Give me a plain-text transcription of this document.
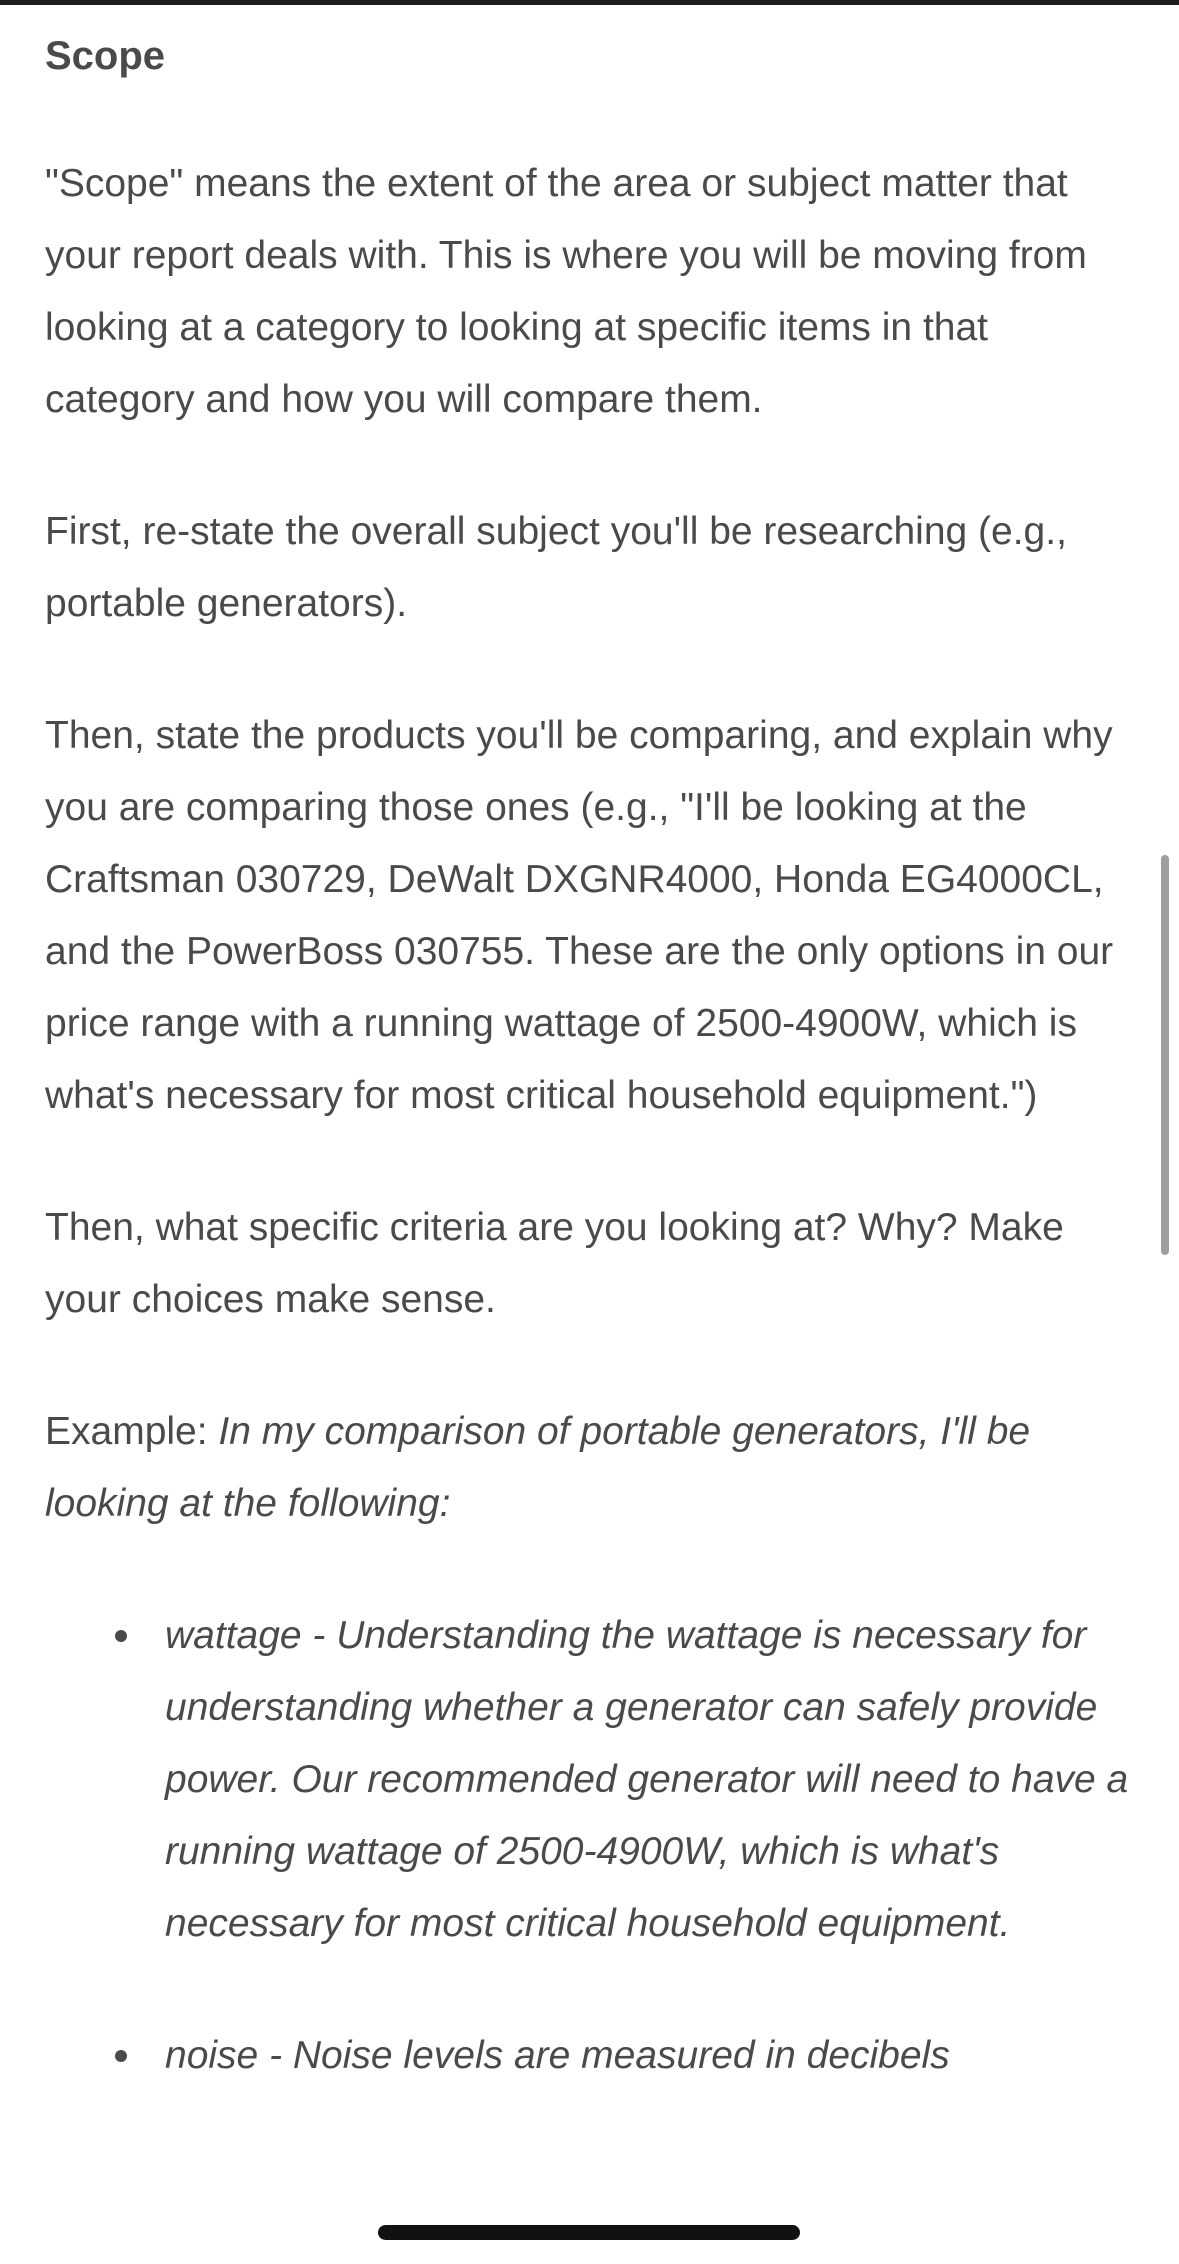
Scope

"Scope" means the extent of the area or subject matter that your report deals with. This is where you will be moving from looking at a category to looking at specific items in that category and how you will compare them.

First, re-state the overall subject you'll be researching (e.g., portable generators).

Then, state the products you'll be comparing, and explain why you are comparing those ones (e.g., "I'll be looking at the Craftsman 030729, DeWalt DXGNR4000, Honda EG4000CL, and the PowerBoss 030755. These are the only options in our price range with a running wattage of 2500-4900W, which is what's necessary for most critical household equipment.")

Then, what specific criteria are you looking at? Why? Make your choices make sense.

Example: In my comparison of portable generators, I'll be looking at the following:

wattage - Understanding the wattage is necessary for understanding whether a generator can safely provide power. Our recommended generator will need to have a running wattage of 2500-4900W, which is what's necessary for most critical household equipment.
noise - Noise levels are measured in decibels
